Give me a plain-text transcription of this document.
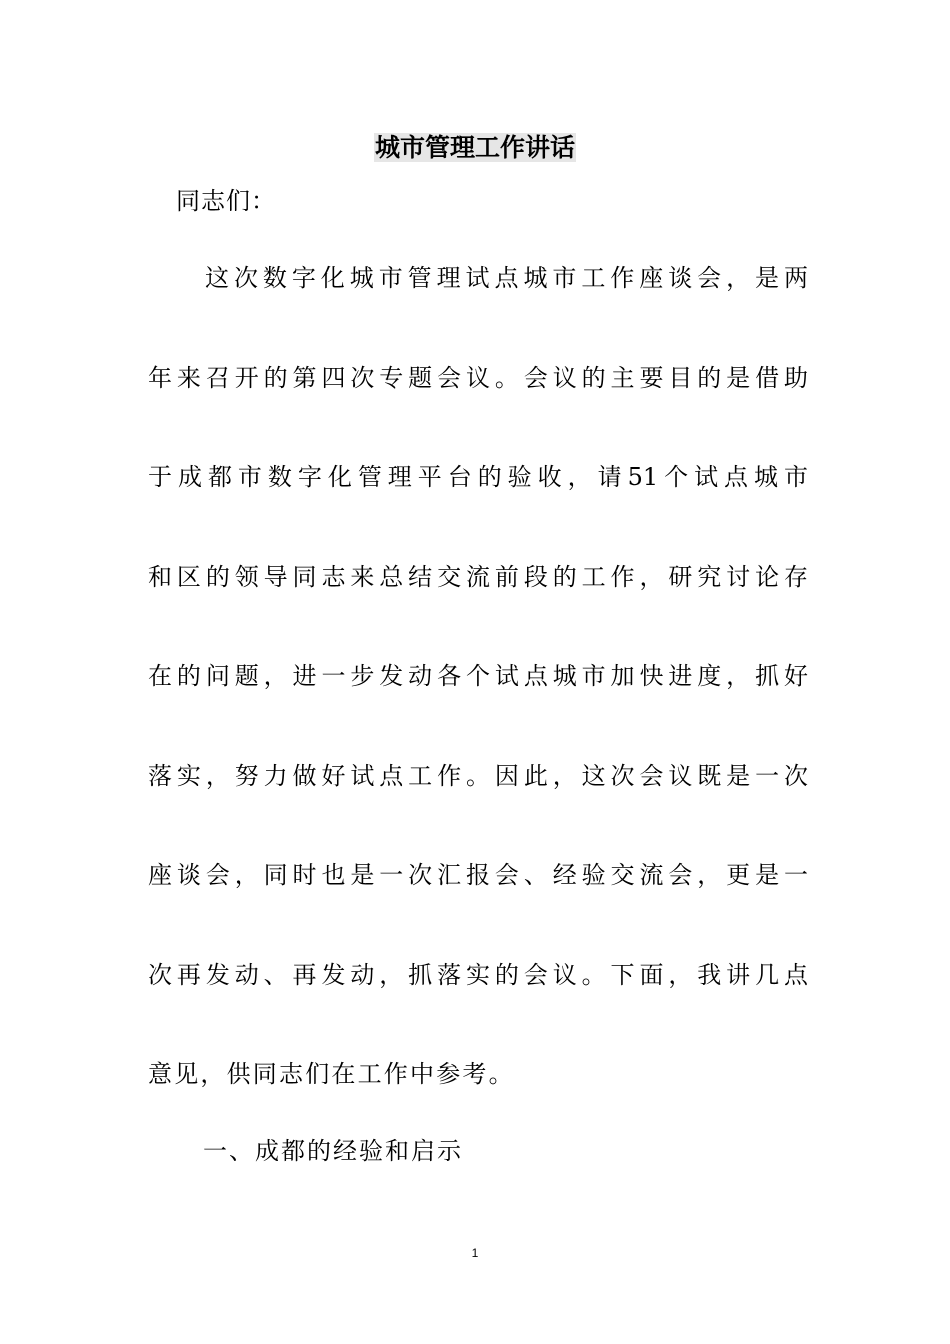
城市管理工作讲话
同志们：
这次数字化城市管理试点城市工作座谈会，是两
年来召开的第四次专题会议。会议的主要目的是借助
于成都市数字化管理平台的验收，请51个试点城市
和区的领导同志来总结交流前段的工作，研究讨论存
在的问题，进一步发动各个试点城市加快进度，抓好
落实，努力做好试点工作。因此，这次会议既是一次
座谈会，同时也是一次汇报会、经验交流会，更是一
次再发动、再发动，抓落实的会议。下面，我讲几点
意见，供同志们在工作中参考。
一、成都的经验和启示
1
